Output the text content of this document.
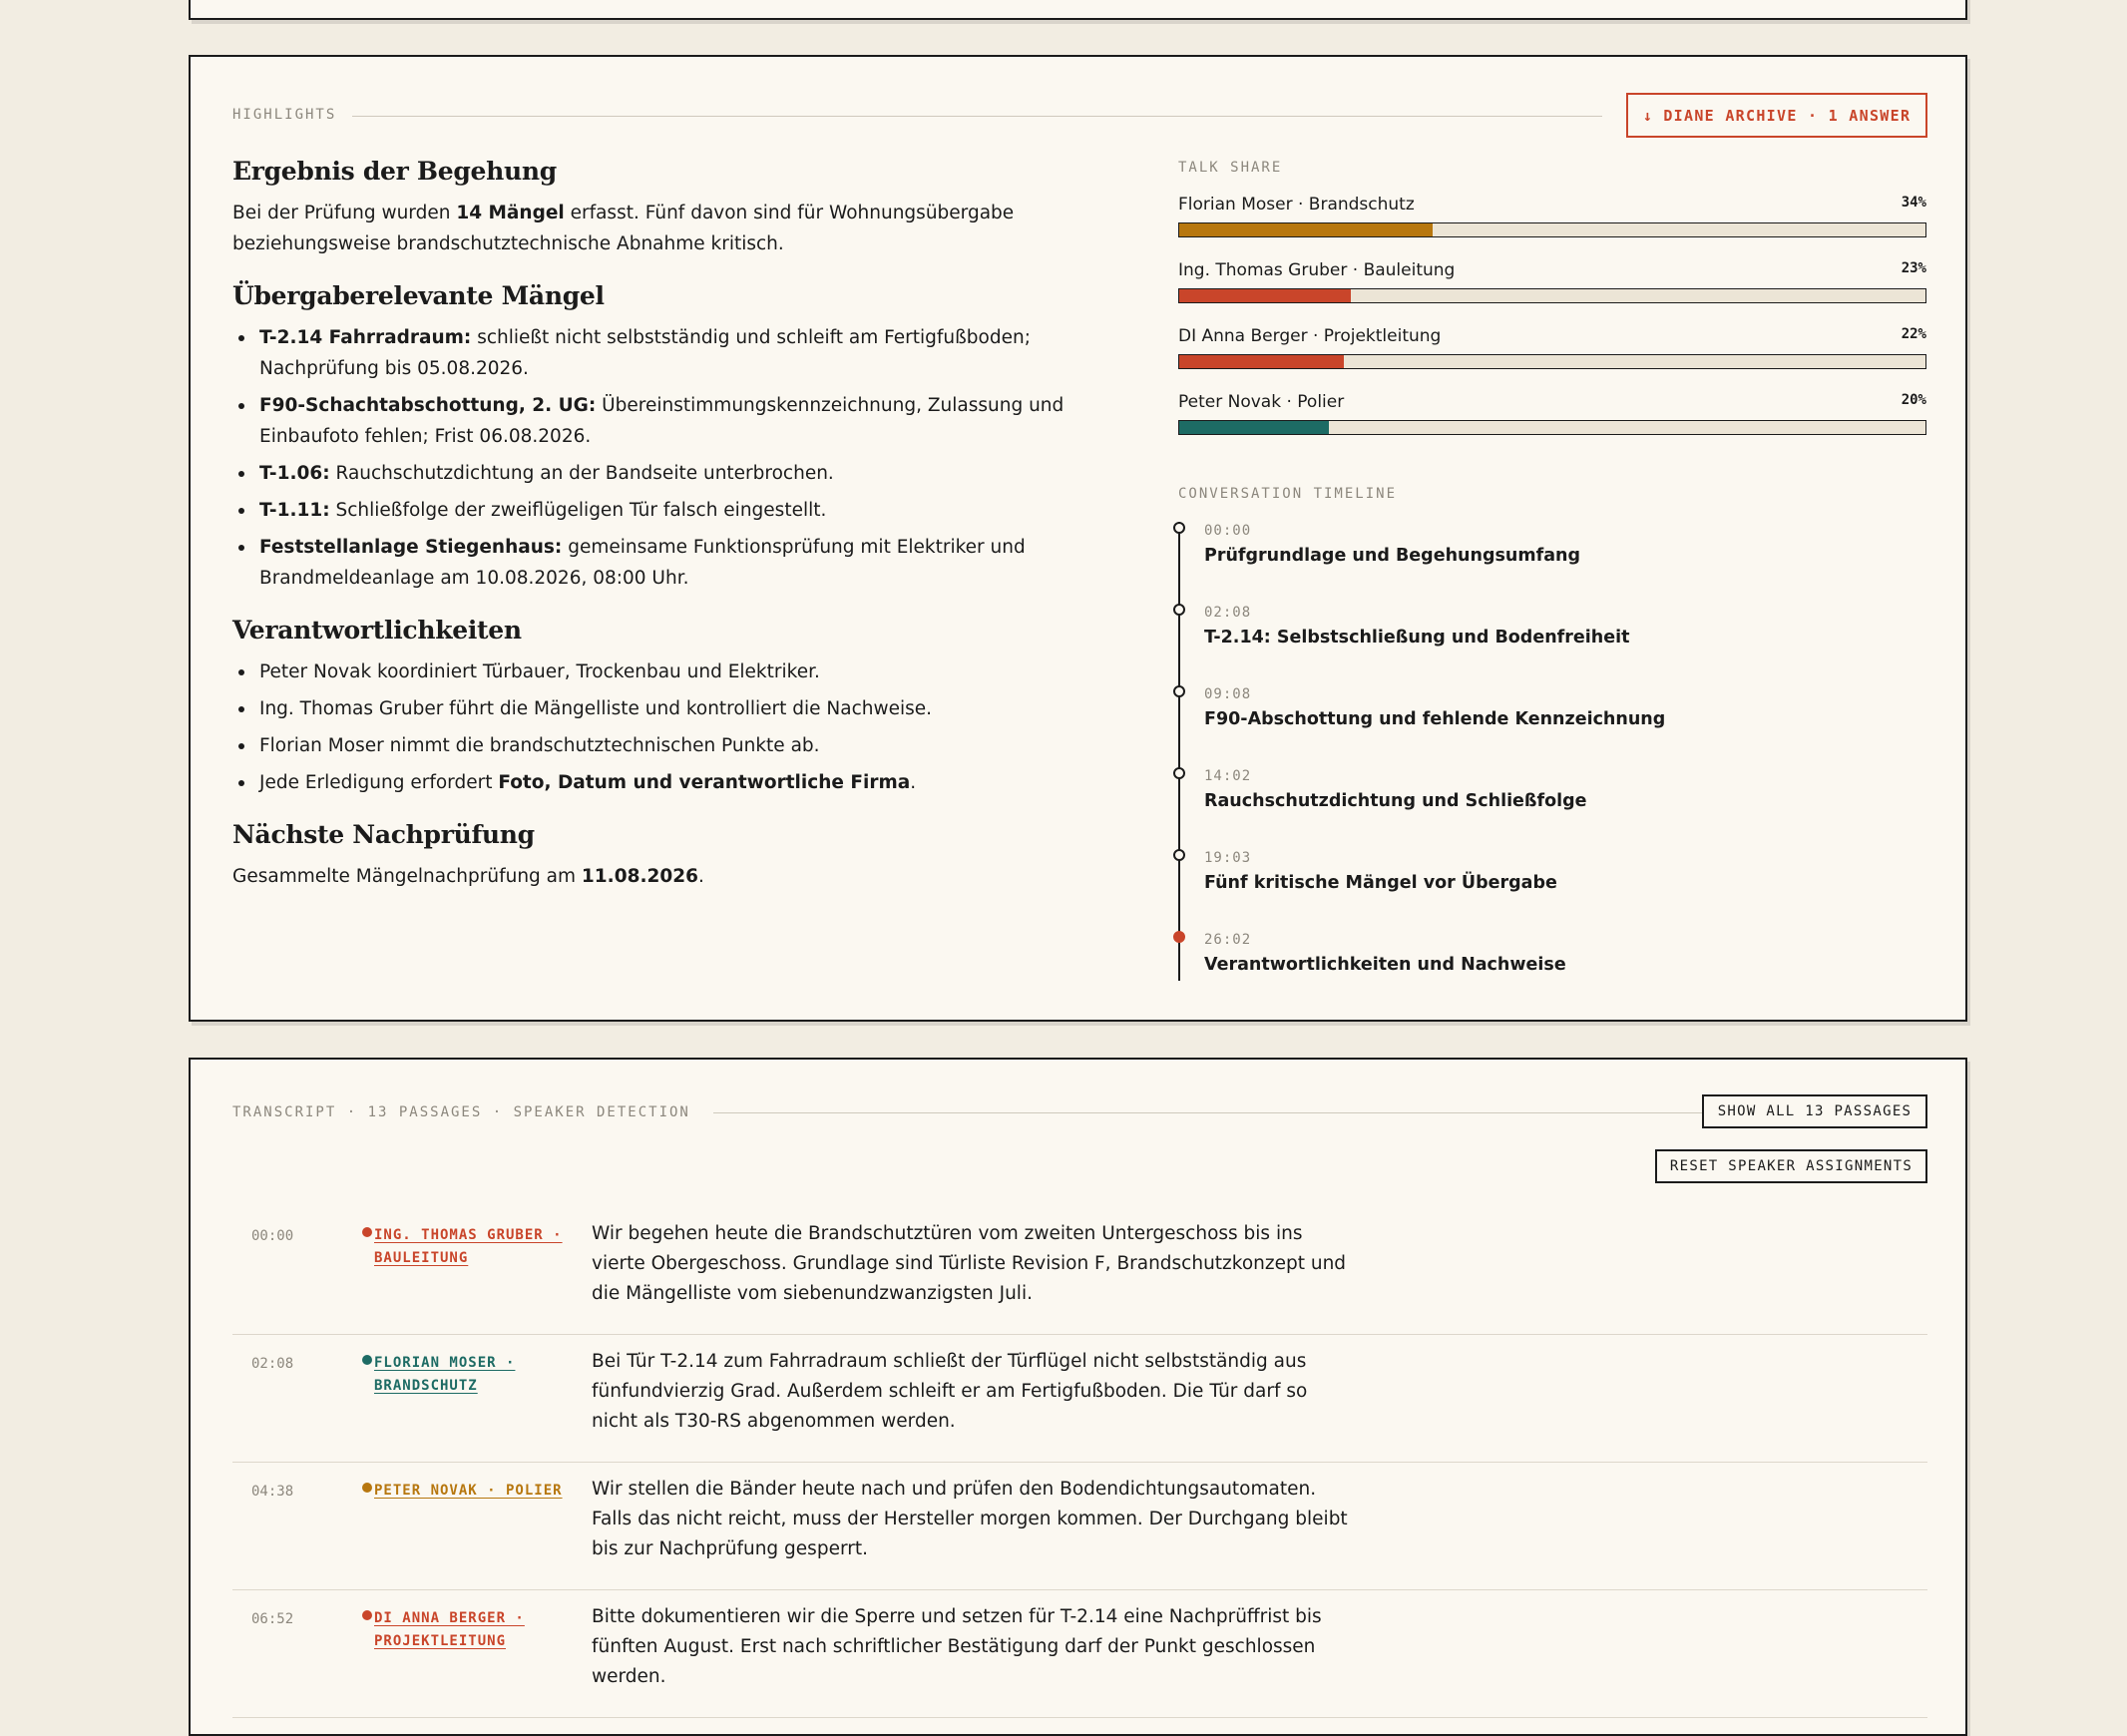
HIGHLIGHTS	↓ DIANE ARCHIVE · 1 ANSWER
Ergebnis der Begehung

Bei der Prüfung wurden 14 Mängel erfasst. Fünf davon sind für Wohnungsübergabe beziehungsweise brandschutztechnische Abnahme kritisch.

Übergaberelevante Mängel
T-2.14 Fahrradraum: schließt nicht selbstständig und schleift am Fertigfußboden; Nachprüfung bis 05.08.2026.
F90-Schachtabschottung, 2. UG: Übereinstimmungskennzeichnung, Zulassung und Einbaufoto fehlen; Frist 06.08.2026.
T-1.06: Rauchschutzdichtung an der Bandseite unterbrochen.
T-1.11: Schließfolge der zweiflügeligen Tür falsch eingestellt.
Feststellanlage Stiegenhaus: gemeinsame Funktionsprüfung mit Elektriker und Brandmeldeanlage am 10.08.2026, 08:00 Uhr.
Verantwortlichkeiten
Peter Novak koordiniert Türbauer, Trockenbau und Elektriker.
Ing. Thomas Gruber führt die Mängelliste und kontrolliert die Nachweise.
Florian Moser nimmt die brandschutztechnischen Punkte ab.
Jede Erledigung erfordert Foto, Datum und verantwortliche Firma.
Nächste Nachprüfung

Gesammelte Mängelnachprüfung am 11.08.2026.

TALK SHARE
Florian Moser · Brandschutz	34%
Ing. Thomas Gruber · Bauleitung	23%
DI Anna Berger · Projektleitung	22%
Peter Novak · Polier	20%
CONVERSATION TIMELINE
00:00
Prüfgrundlage und Begehungsumfang
02:08
T-2.14: Selbstschließung und Bodenfreiheit
09:08
F90-Abschottung und fehlende Kennzeichnung
14:02
Rauchschutzdichtung und Schließfolge
19:03
Fünf kritische Mängel vor Übergabe
26:02
Verantwortlichkeiten und Nachweise
TRANSCRIPT · 13 PASSAGES · SPEAKER DETECTION	SHOW ALL 13 PASSAGES
RESET SPEAKER ASSIGNMENTS
00:00	ING. THOMAS GRUBER · BAULEITUNG
Wir begehen heute die Brandschutztüren vom zweiten Untergeschoss bis ins vierte Obergeschoss. Grundlage sind Türliste Revision F, Brandschutzkonzept und die Mängelliste vom siebenundzwanzigsten Juli.
02:08	FLORIAN MOSER · BRANDSCHUTZ
Bei Tür T-2.14 zum Fahrradraum schließt der Türflügel nicht selbstständig aus fünfundvierzig Grad. Außerdem schleift er am Fertigfußboden. Die Tür darf so nicht als T30-RS abgenommen werden.
04:38	PETER NOVAK · POLIER	Wir stellen die Bänder heute nach und prüfen den Bodendichtungsautomaten. Falls das nicht reicht, muss der Hersteller morgen kommen. Der Durchgang bleibt bis zur Nachprüfung gesperrt.
06:52	DI ANNA BERGER · PROJEKTLEITUNG
Bitte dokumentieren wir die Sperre und setzen für T-2.14 eine Nachprüffrist bis fünften August. Erst nach schriftlicher Bestätigung darf der Punkt geschlossen werden.
